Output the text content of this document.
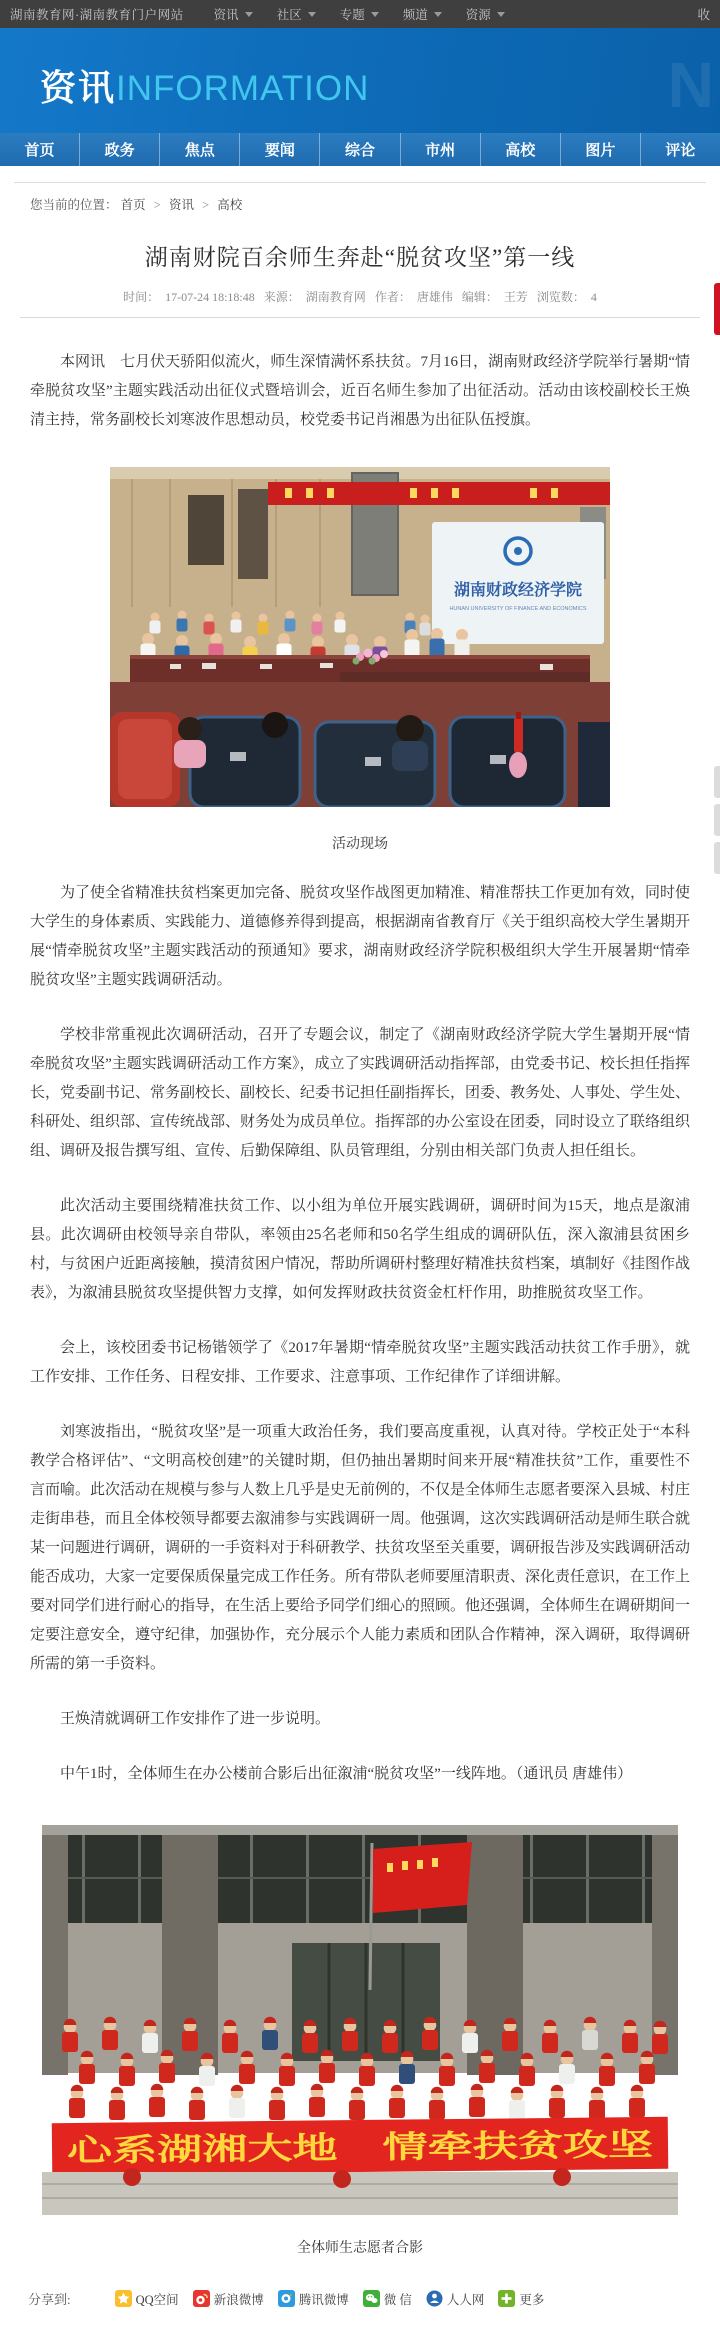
湖南教育网·湖南教育门户网站 资讯	社区	专题	频道	资源	收
资讯 INFORMATION	N
首页	政务	焦点	要闻	综合	市州	高校	图片	评论
您当前的位置： 首页 > 资讯 > 高校
湖南财院百余师生奔赴“脱贫攻坚”第一线
时间： 17-07-24 18:18:48 来源： 湖南教育网 作者： 唐雄伟 编辑： 王芳 浏览数： 4

本网讯　七月伏天骄阳似流火，师生深情满怀系扶贫。7月16日，湖南财政经济学院举行暑期“情牵脱贫攻坚”主题实践活动出征仪式暨培训会，近百名师生参加了出征活动。活动由该校副校长王焕清主持，常务副校长刘寒波作思想动员，校党委书记肖湘愚为出征队伍授旗。

湖南财政经济学院
HUNAN UNIVERSITY OF FINANCE AND ECONOMICS
活动现场

为了使全省精准扶贫档案更加完备、脱贫攻坚作战图更加精准、精准帮扶工作更加有效，同时使大学生的身体素质、实践能力、道德修养得到提高，根据湖南省教育厅《关于组织高校大学生暑期开展“情牵脱贫攻坚”主题实践活动的预通知》要求，湖南财政经济学院积极组织大学生开展暑期“情牵脱贫攻坚”主题实践调研活动。

学校非常重视此次调研活动，召开了专题会议，制定了《湖南财政经济学院大学生暑期开展“情牵脱贫攻坚”主题实践调研活动工作方案》，成立了实践调研活动指挥部，由党委书记、校长担任指挥长，党委副书记、常务副校长、副校长、纪委书记担任副指挥长，团委、教务处、人事处、学生处、科研处、组织部、宣传统战部、财务处为成员单位。指挥部的办公室设在团委，同时设立了联络组织组、调研及报告撰写组、宣传、后勤保障组、队员管理组，分别由相关部门负责人担任组长。

此次活动主要围绕精准扶贫工作、以小组为单位开展实践调研，调研时间为15天，地点是溆浦县。此次调研由校领导亲自带队，率领由25名老师和50名学生组成的调研队伍，深入溆浦县贫困乡村，与贫困户近距离接触，摸清贫困户情况，帮助所调研村整理好精准扶贫档案，填制好《挂图作战表》，为溆浦县脱贫攻坚提供智力支撑，如何发挥财政扶贫资金杠杆作用，助推脱贫攻坚工作。

会上，该校团委书记杨锴领学了《2017年暑期“情牵脱贫攻坚”主题实践活动扶贫工作手册》，就工作安排、工作任务、日程安排、工作要求、注意事项、工作纪律作了详细讲解。

刘寒波指出，“脱贫攻坚”是一项重大政治任务，我们要高度重视，认真对待。学校正处于“本科教学合格评估”、“文明高校创建”的关键时期，但仍抽出暑期时间来开展“精准扶贫”工作，重要性不言而喻。此次活动在规模与参与人数上几乎是史无前例的，不仅是全体师生志愿者要深入县城、村庄走街串巷，而且全体校领导都要去溆浦参与实践调研一周。他强调，这次实践调研活动是师生联合就某一问题进行调研，调研的一手资料对于科研教学、扶贫攻坚至关重要，调研报告涉及实践调研活动能否成功，大家一定要保质保量完成工作任务。所有带队老师要厘清职责、深化责任意识，在工作上要对同学们进行耐心的指导，在生活上要给予同学们细心的照顾。他还强调，全体师生在调研期间一定要注意安全，遵守纪律，加强协作，充分展示个人能力素质和团队合作精神，深入调研，取得调研所需的第一手资料。

王焕清就调研工作安排作了进一步说明。

中午1时，全体师生在办公楼前合影后出征溆浦“脱贫攻坚”一线阵地。（通讯员 唐雄伟）

心系湖湘大地　情牵扶贫攻坚
全体师生志愿者合影
分享到:	QQ空间	新浪微博	腾讯微博	微 信	人人网	更多
